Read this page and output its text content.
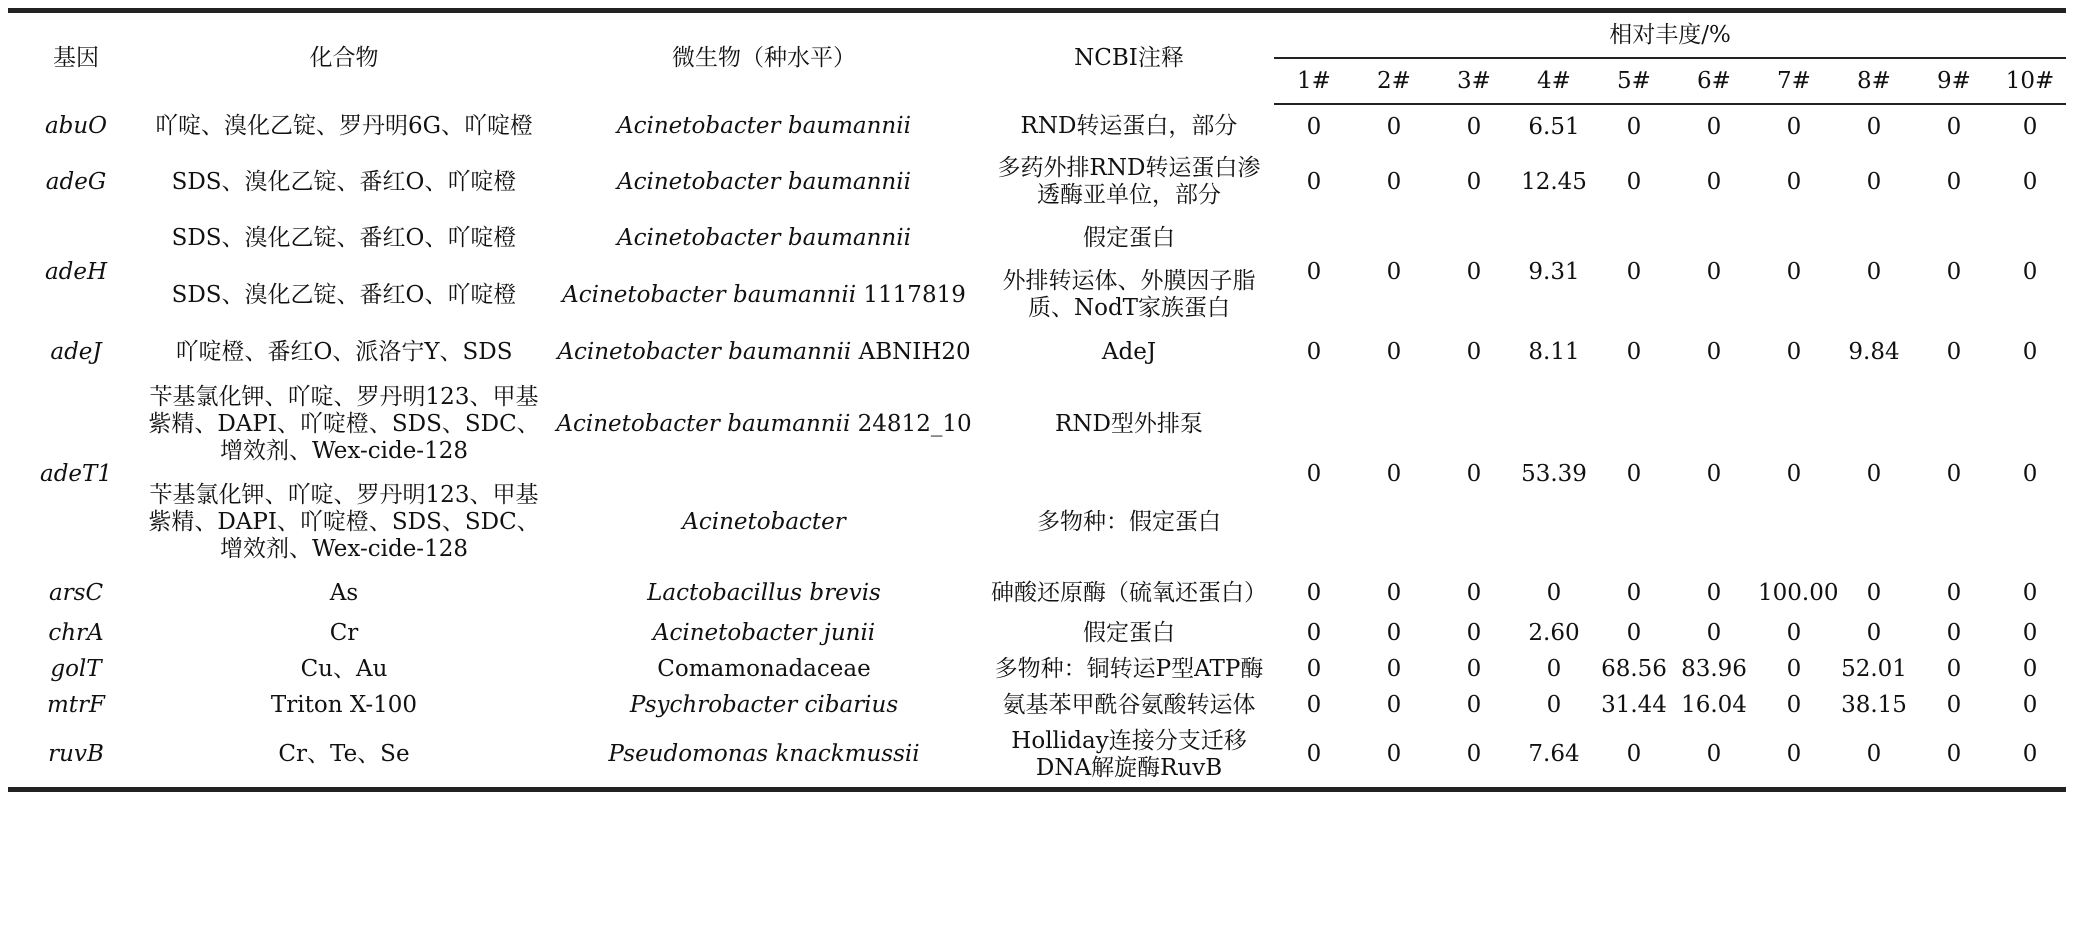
基因	化合物	微生物（种水平）	NCBI注释	相对丰度/%									
				1#	2#	3#	4#	5#	6#	7#	8#	9#	10#
abuO	吖啶、溴化乙锭、罗丹明6G、吖啶橙	Acinetobacter baumannii	RND转运蛋白，部分	0	0	0	6.51	0	0	0	0	0	0
adeG	SDS、溴化乙锭、番红O、吖啶橙	Acinetobacter baumannii	多药外排RND转运蛋白渗透酶亚单位，部分	0	0	0	12.45	0	0	0	0	0	0
adeH	SDS、溴化乙锭、番红O、吖啶橙	Acinetobacter baumannii	假定蛋白	0	0	0	9.31	0	0	0	0	0	0
	SDS、溴化乙锭、番红O、吖啶橙	Acinetobacter baumannii 1117819	外排转运体、外膜因子脂质、NodT家族蛋白										
adeJ	吖啶橙、番红O、派洛宁Y、SDS	Acinetobacter baumannii ABNIH20	AdeJ	0	0	0	8.11	0	0	0	9.84	0	0
adeT1	苄基氯化钾、吖啶、罗丹明123、甲基紫精、DAPI、吖啶橙、SDS、SDC、增效剂、Wex-cide-128	Acinetobacter baumannii 24812_10	RND型外排泵	0	0	0	53.39	0	0	0	0	0	0
	苄基氯化钾、吖啶、罗丹明123、甲基紫精、DAPI、吖啶橙、SDS、SDC、增效剂、Wex-cide-128	Acinetobacter	多物种：假定蛋白										
arsC	As	Lactobacillus brevis	砷酸还原酶（硫氧还蛋白）	0	0	0	0	0	0	100.00	0	0	0
chrA	Cr	Acinetobacter junii	假定蛋白	0	0	0	2.60	0	0	0	0	0	0
golT	Cu、Au	Comamonadaceae	多物种：铜转运P型ATP酶	0	0	0	0	68.56	83.96	0	52.01	0	0
mtrF	Triton X-100	Psychrobacter cibarius	氨基苯甲酰谷氨酸转运体	0	0	0	0	31.44	16.04	0	38.15	0	0
ruvB	Cr、Te、Se	Pseudomonas knackmussii	Holliday连接分支迁移DNA解旋酶RuvB	0	0	0	7.64	0	0	0	0	0	0
